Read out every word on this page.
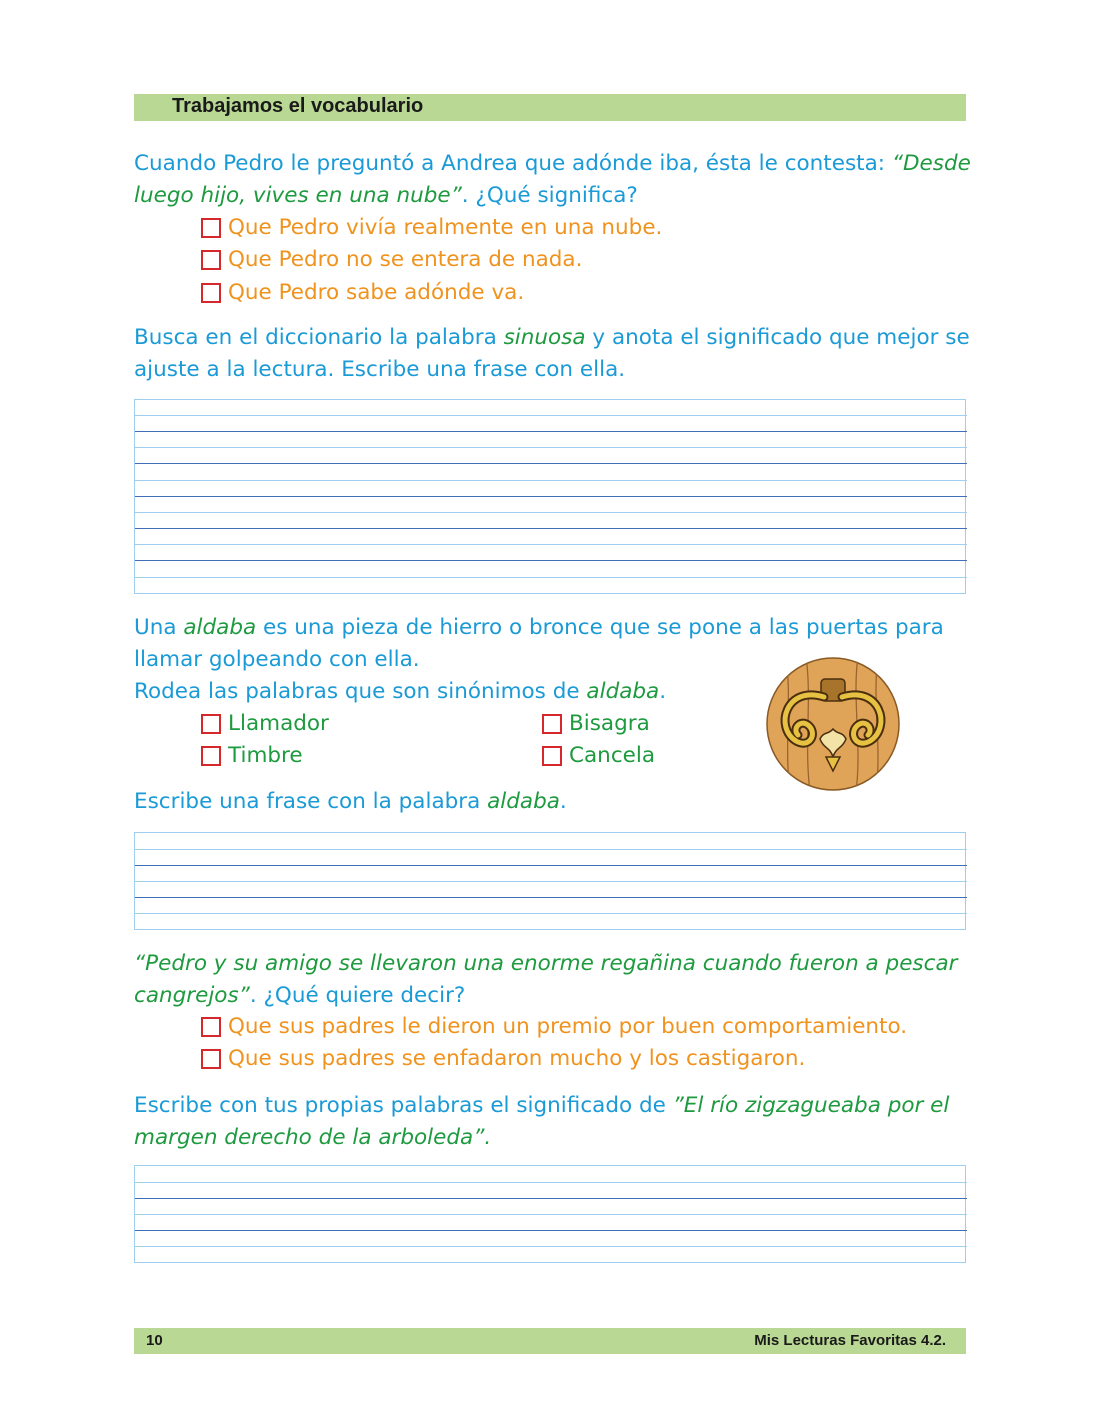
Trabajamos el vocabulario
Cuando Pedro le preguntó a Andrea que adónde iba, ésta le contesta: “Desde luego hijo, vives en una nube”. ¿Qué significa?
Que Pedro vivía realmente en una nube.
Que Pedro no se entera de nada.
Que Pedro sabe adónde va.
Busca en el diccionario la palabra sinuosa y anota el significado que mejor se ajuste a la lectura. Escribe una frase con ella.
Una aldaba es una pieza de hierro o bronce que se pone a las puertas para llamar golpeando con ella.
Rodea las palabras que son sinónimos de aldaba.
Llamador	Bisagra
Timbre	Cancela
Escribe una frase con la palabra aldaba.
“Pedro y su amigo se llevaron una enorme regañina cuando fueron a pescar cangrejos”. ¿Qué quiere decir?
Que sus padres le dieron un premio por buen comportamiento.
Que sus padres se enfadaron mucho y los castigaron.
Escribe con tus propias palabras el significado de ”El río zigzagueaba por el margen derecho de la arboleda”.
10	Mis Lecturas Favoritas 4.2.
